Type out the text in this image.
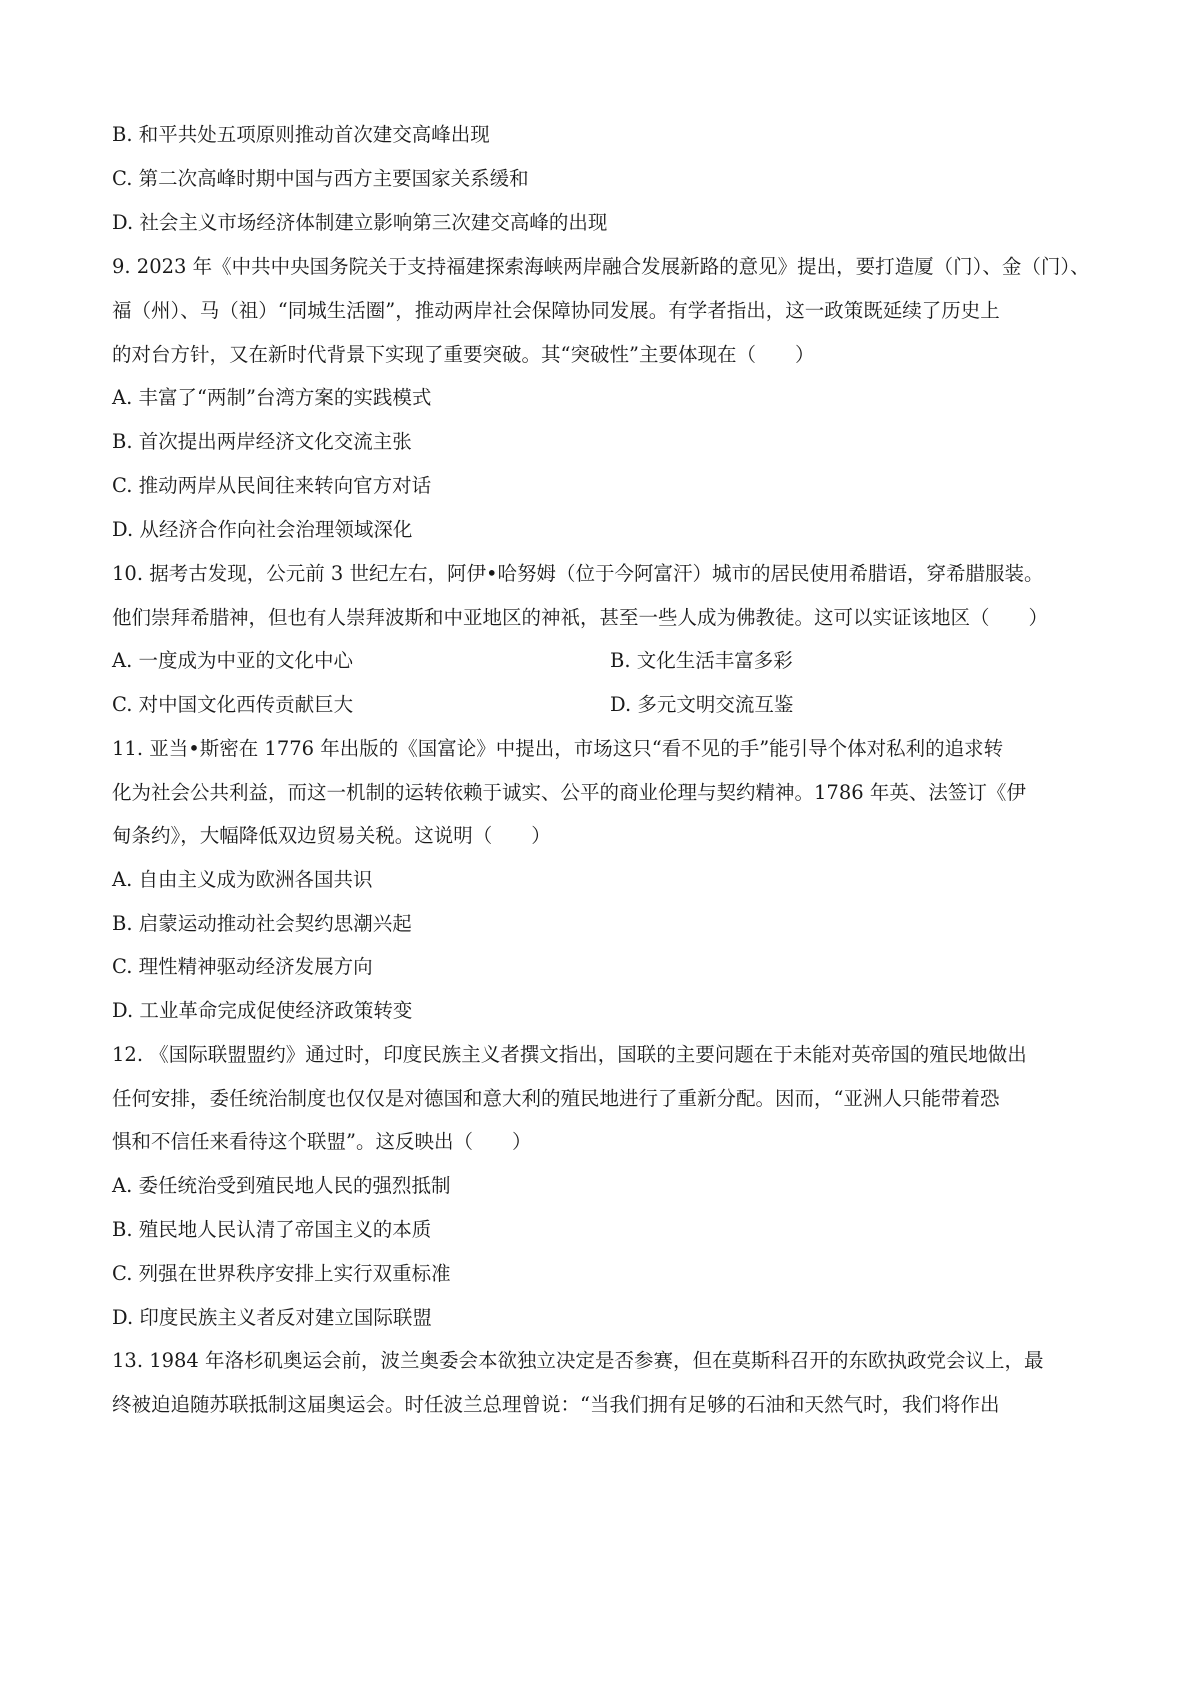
B. 和平共处五项原则推动首次建交高峰出现
C. 第二次高峰时期中国与西方主要国家关系缓和
D. 社会主义市场经济体制建立影响第三次建交高峰的出现
9. 2023 年《中共中央国务院关于支持福建探索海峡两岸融合发展新路的意见》提出，要打造厦（门）、金（门）、
福（州）、马（祖）“同城生活圈”，推动两岸社会保障协同发展。有学者指出，这一政策既延续了历史上
的对台方针，又在新时代背景下实现了重要突破。其“突破性”主要体现在（　　）
A. 丰富了“两制”台湾方案的实践模式
B. 首次提出两岸经济文化交流主张
C. 推动两岸从民间往来转向官方对话
D. 从经济合作向社会治理领域深化
10. 据考古发现，公元前 3 世纪左右，阿伊•哈努姆（位于今阿富汗）城市的居民使用希腊语，穿希腊服装。
他们崇拜希腊神，但也有人崇拜波斯和中亚地区的神祇，甚至一些人成为佛教徒。这可以实证该地区（　　）
A. 一度成为中亚的文化中心	B. 文化生活丰富多彩
C. 对中国文化西传贡献巨大	D. 多元文明交流互鉴
11. 亚当•斯密在 1776 年出版的《国富论》中提出，市场这只“看不见的手”能引导个体对私利的追求转
化为社会公共利益，而这一机制的运转依赖于诚实、公平的商业伦理与契约精神。1786 年英、法签订《伊
甸条约》，大幅降低双边贸易关税。这说明（　　）
A. 自由主义成为欧洲各国共识
B. 启蒙运动推动社会契约思潮兴起
C. 理性精神驱动经济发展方向
D. 工业革命完成促使经济政策转变
12. 《国际联盟盟约》通过时，印度民族主义者撰文指出，国联的主要问题在于未能对英帝国的殖民地做出
任何安排，委任统治制度也仅仅是对德国和意大利的殖民地进行了重新分配。因而，“亚洲人只能带着恐
惧和不信任来看待这个联盟”。这反映出（　　）
A. 委任统治受到殖民地人民的强烈抵制
B. 殖民地人民认清了帝国主义的本质
C. 列强在世界秩序安排上实行双重标准
D. 印度民族主义者反对建立国际联盟
13. 1984 年洛杉矶奥运会前，波兰奥委会本欲独立决定是否参赛，但在莫斯科召开的东欧执政党会议上，最
终被迫追随苏联抵制这届奥运会。时任波兰总理曾说：“当我们拥有足够的石油和天然气时，我们将作出
